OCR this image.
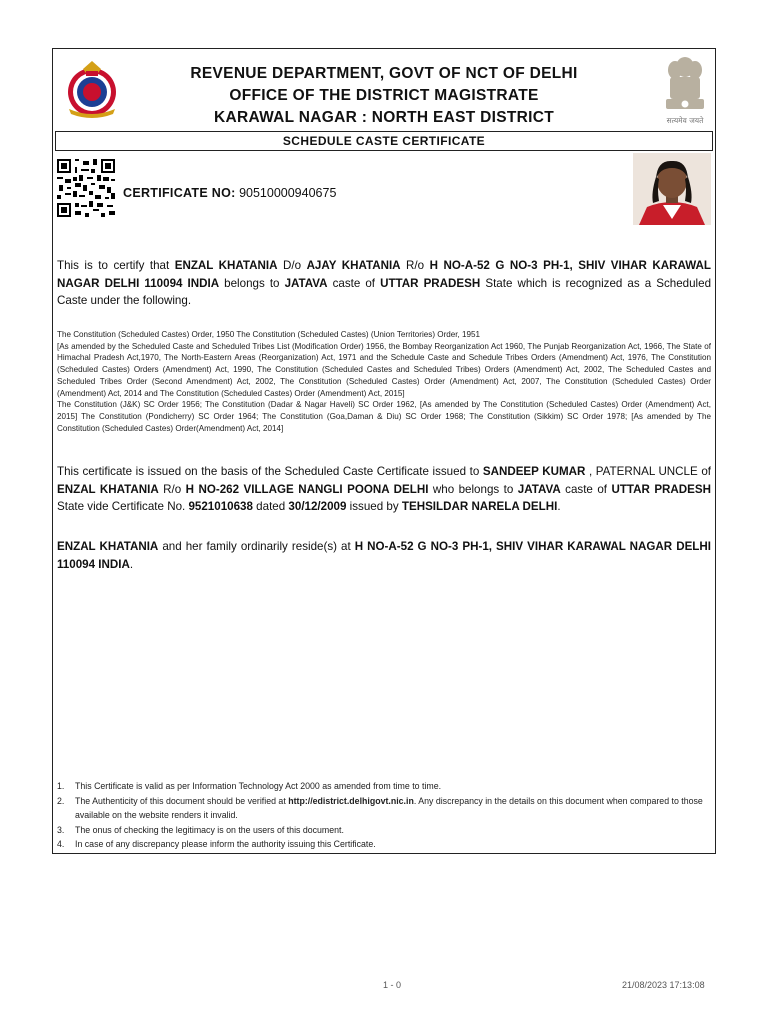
सत्यमेव जयते
REVENUE DEPARTMENT, GOVT OF NCT OF DELHI
OFFICE OF THE DISTRICT MAGISTRATE
KARAWAL NAGAR : NORTH EAST DISTRICT
SCHEDULE CASTE CERTIFICATE
CERTIFICATE NO: 90510000940675
This is to certify that ENZAL KHATANIA D/o AJAY KHATANIA R/o H NO-A-52 G NO-3 PH-1, SHIV VIHAR KARAWAL NAGAR DELHI 110094 INDIA belongs to JATAVA caste of UTTAR PRADESH State which is recognized as a Scheduled Caste under the following.
The Constitution (Scheduled Castes) Order, 1950 The Constitution (Scheduled Castes) (Union Territories) Order, 1951
[As amended by the Scheduled Caste and Scheduled Tribes List (Modification Order) 1956, the Bombay Reorganization Act 1960, The Punjab Reorganization Act, 1966, The State of Himachal Pradesh Act,1970, The North-Eastern Areas (Reorganization) Act, 1971 and the Schedule Caste and Schedule Tribes Orders (Amendment) Act, 1976, The Constitution (Scheduled Castes) Orders (Amendment) Act, 1990, The Constitution (Scheduled Castes and Scheduled Tribes) Orders (Amendment) Act, 2002, The Scheduled Castes and Scheduled Tribes Order (Second Amendment) Act, 2002, The Constitution (Scheduled Castes) Order (Amendment) Act, 2007, The Constitution (Scheduled Castes) Order (Amendment) Act, 2014 and The Constitution (Scheduled Castes) Order (Amendment) Act, 2015]
The Constitution (J&K) SC Order 1956; The Constitution (Dadar & Nagar Haveli) SC Order 1962, [As amended by The Constitution (Scheduled Castes) Order (Amendment) Act, 2015] The Constitution (Pondicherry) SC Order 1964; The Constitution (Goa,Daman & Diu) SC Order 1968; The Constitution (Sikkim) SC Order 1978; [As amended by The Constitution (Scheduled Castes) Order(Amendment) Act, 2014]
This certificate is issued on the basis of the Scheduled Caste Certificate issued to SANDEEP KUMAR , PATERNAL UNCLE of ENZAL KHATANIA R/o H NO-262 VILLAGE NANGLI POONA DELHI who belongs to JATAVA caste of UTTAR PRADESH State vide Certificate No. 9521010638 dated 30/12/2009 issued by TEHSILDAR NARELA DELHI.
ENZAL KHATANIA and her family ordinarily reside(s) at H NO-A-52 G NO-3 PH-1, SHIV VIHAR KARAWAL NAGAR DELHI 110094 INDIA.
1. This Certificate is valid as per Information Technology Act 2000 as amended from time to time.
2. The Authenticity of this document should be verified at http://edistrict.delhigovt.nic.in. Any discrepancy in the details on this document when compared to those available on the website renders it invalid.
3. The onus of checking the legitimacy is on the users of this document.
4. In case of any discrepancy please inform the authority issuing this Certificate.
1 - 0	21/08/2023 17:13:08
